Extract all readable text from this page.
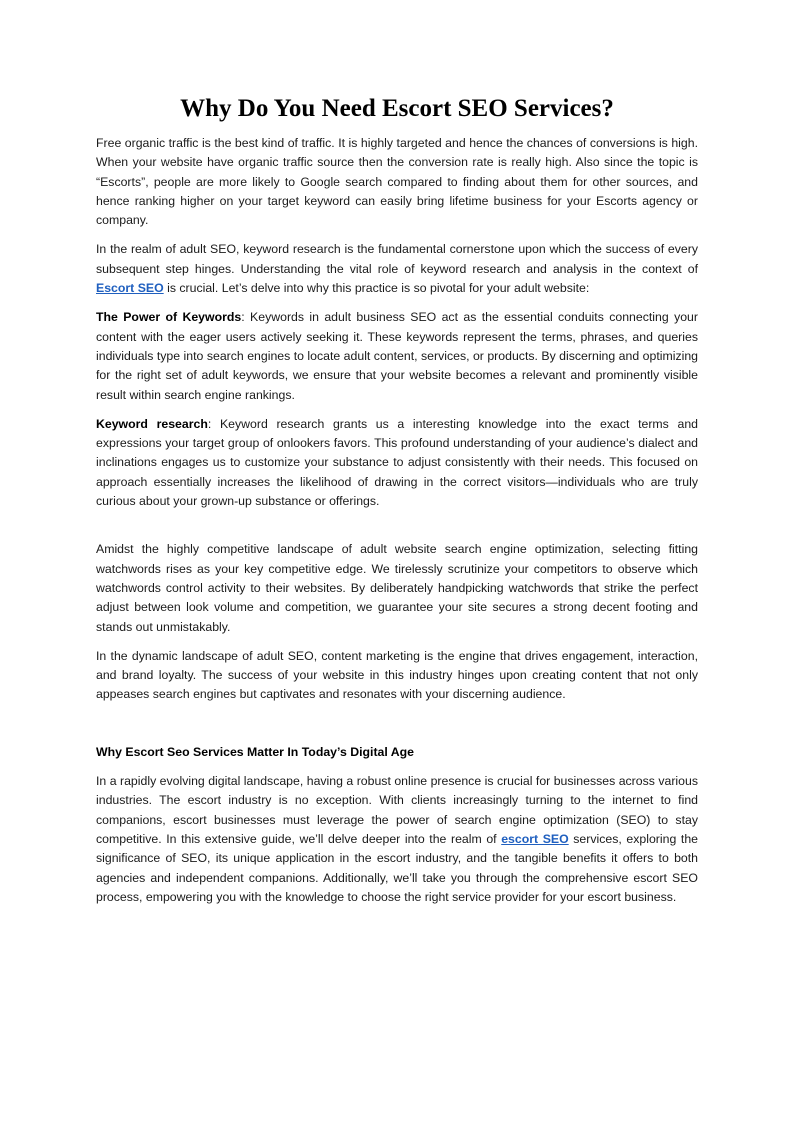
Why Do You Need Escort SEO Services?

Free organic traffic is the best kind of traffic. It is highly targeted and hence the chances of conversions is high. When your website have organic traffic source then the conversion rate is really high. Also since the topic is “Escorts”, people are more likely to Google search compared to finding about them for other sources, and hence ranking higher on your target keyword can easily bring lifetime business for your Escorts agency or company.

In the realm of adult SEO, keyword research is the fundamental cornerstone upon which the success of every subsequent step hinges. Understanding the vital role of keyword research and analysis in the context of Escort SEO is crucial. Let’s delve into why this practice is so pivotal for your adult website:

The Power of Keywords: Keywords in adult business SEO act as the essential conduits connecting your content with the eager users actively seeking it. These keywords represent the terms, phrases, and queries individuals type into search engines to locate adult content, services, or products. By discerning and optimizing for the right set of adult keywords, we ensure that your website becomes a relevant and prominently visible result within search engine rankings.

Keyword research: Keyword research grants us a interesting knowledge into the exact terms and expressions your target group of onlookers favors. This profound understanding of your audience’s dialect and inclinations engages us to customize your substance to adjust consistently with their needs. This focused on approach essentially increases the likelihood of drawing in the correct visitors—individuals who are truly curious about your grown-up substance or offerings.

Amidst the highly competitive landscape of adult website search engine optimization, selecting fitting watchwords rises as your key competitive edge. We tirelessly scrutinize your competitors to observe which watchwords control activity to their websites. By deliberately handpicking watchwords that strike the perfect adjust between look volume and competition, we guarantee your site secures a strong decent footing and stands out unmistakably.

In the dynamic landscape of adult SEO, content marketing is the engine that drives engagement, interaction, and brand loyalty. The success of your website in this industry hinges upon creating content that not only appeases search engines but captivates and resonates with your discerning audience.

Why Escort Seo Services Matter In Today’s Digital Age

In a rapidly evolving digital landscape, having a robust online presence is crucial for businesses across various industries. The escort industry is no exception. With clients increasingly turning to the internet to find companions, escort businesses must leverage the power of search engine optimization (SEO) to stay competitive. In this extensive guide, we’ll delve deeper into the realm of escort SEO services, exploring the significance of SEO, its unique application in the escort industry, and the tangible benefits it offers to both agencies and independent companions. Additionally, we’ll take you through the comprehensive escort SEO process, empowering you with the knowledge to choose the right service provider for your escort business.
